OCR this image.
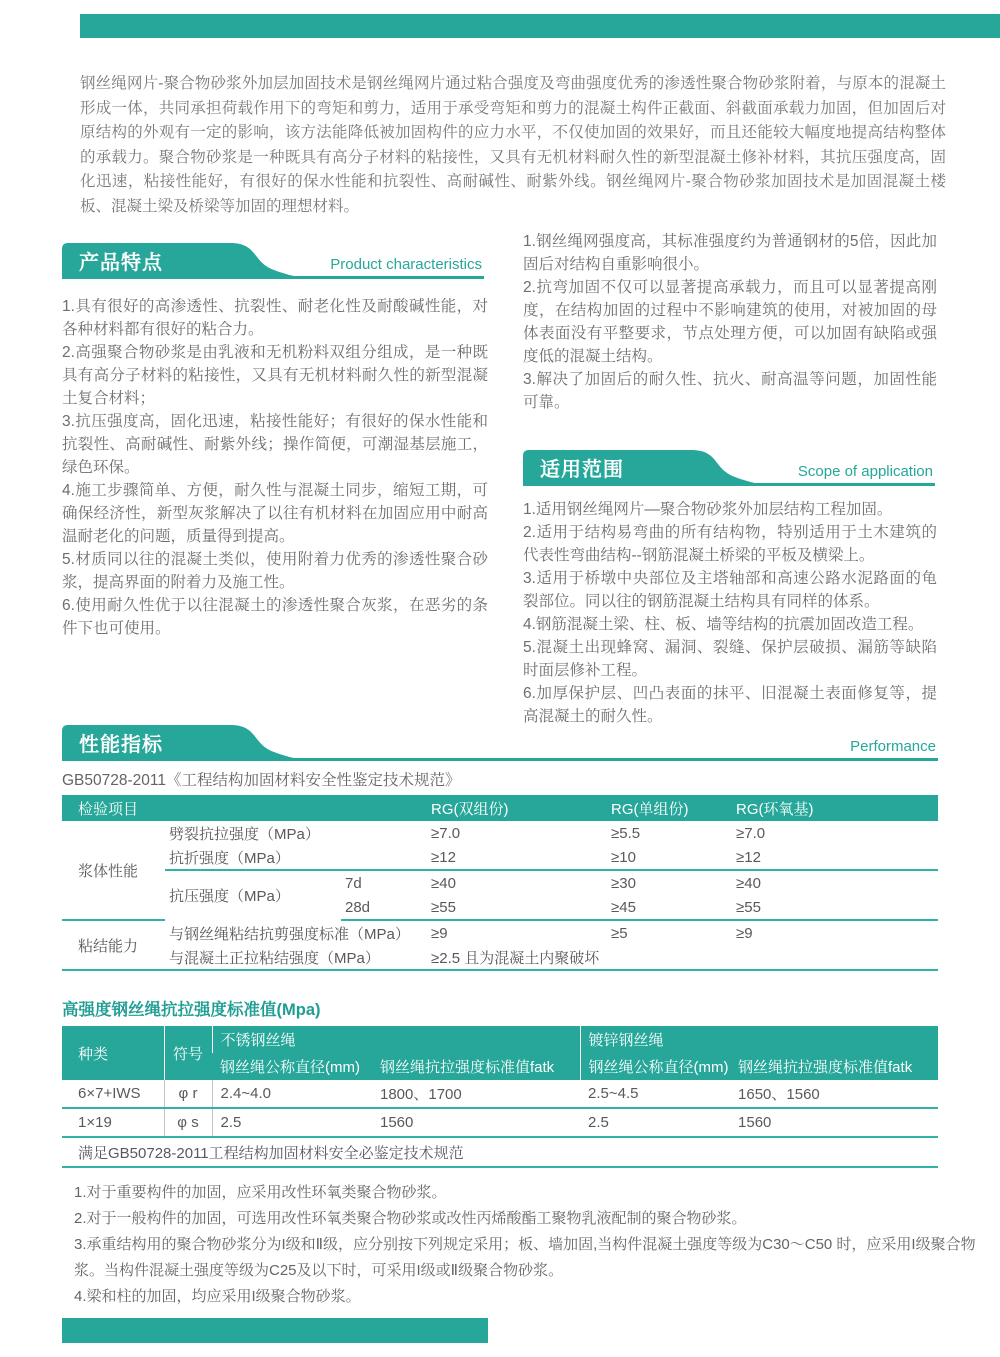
钢丝绳网片-聚合物砂浆外加层加固技术是钢丝绳网片通过粘合强度及弯曲强度优秀的渗透性聚合物砂浆附着，与原本的混凝土形成一体，共同承担荷载作用下的弯矩和剪力，适用于承受弯矩和剪力的混凝土构件正截面、斜截面承载力加固，但加固后对原结构的外观有一定的影响，该方法能降低被加固构件的应力水平，不仅使加固的效果好，而且还能较大幅度地提高结构整体的承载力。聚合物砂浆是一种既具有高分子材料的粘接性，又具有无机材料耐久性的新型混凝土修补材料，其抗压强度高，固化迅速，粘接性能好，有很好的保水性能和抗裂性、高耐碱性、耐紫外线。钢丝绳网片-聚合物砂浆加固技术是加固混凝土楼板、混凝土梁及桥梁等加固的理想材料。

产品特点	Product characteristics

1.具有很好的高渗透性、抗裂性、耐老化性及耐酸碱性能，对各种材料都有很好的粘合力。

2.高强聚合物砂浆是由乳液和无机粉料双组分组成，是一种既具有高分子材料的粘接性，又具有无机材料耐久性的新型混凝土复合材料；

3.抗压强度高，固化迅速，粘接性能好；有很好的保水性能和抗裂性、高耐碱性、耐紫外线；操作简便，可潮湿基层施工，绿色环保。

4.施工步骤简单、方便，耐久性与混凝土同步，缩短工期，可确保经济性，新型灰浆解决了以往有机材料在加固应用中耐高温耐老化的问题，质量得到提高。

5.材质同以往的混凝土类似，使用附着力优秀的渗透性聚合砂浆，提高界面的附着力及施工性。

6.使用耐久性优于以往混凝土的渗透性聚合灰浆，在恶劣的条件下也可使用。

1.钢丝绳网强度高，其标准强度约为普通钢材的5倍，因此加固后对结构自重影响很小。

2.抗弯加固不仅可以显著提高承载力，而且可以显著提高刚度，在结构加固的过程中不影响建筑的使用，对被加固的母体表面没有平整要求，节点处理方便，可以加固有缺陷或强度低的混凝土结构。

3.解决了加固后的耐久性、抗火、耐高温等问题，加固性能可靠。

适用范围	Scope of application

1.适用钢丝绳网片—聚合物砂浆外加层结构工程加固。

2.适用于结构易弯曲的所有结构物，特别适用于土木建筑的代表性弯曲结构--钢筋混凝土桥梁的平板及横梁上。

3.适用于桥墩中央部位及主塔轴部和高速公路水泥路面的龟裂部位。同以往的钢筋混凝土结构具有同样的体系。

4.钢筋混凝土梁、柱、板、墙等结构的抗震加固改造工程。

5.混凝土出现蜂窝、漏洞、裂缝、保护层破损、漏筋等缺陷时面层修补工程。

6.加厚保护层、凹凸表面的抹平、旧混凝土表面修复等，提高混凝土的耐久性。

性能指标	Performance

GB50728-2011《工程结构加固材料安全性鉴定技术规范》

检验项目			RG(双组份)	RG(单组份)	RG(环氧基)
浆体性能	劈裂抗拉强度（MPa）		≥7.0	≥5.5	≥7.0
	抗折强度（MPa）		≥12	≥10	≥12
	抗压强度（MPa）	7d	≥40	≥30	≥40
		28d	≥55	≥45	≥55
粘结能力	与钢丝绳粘结抗剪强度标准（MPa）		≥9	≥5	≥9
	与混凝土正拉粘结强度（MPa）		≥2.5 且为混凝土内聚破坏		

高强度钢丝绳抗拉强度标准值(Mpa)

种类	符号	不锈钢丝绳		镀锌钢丝绳	
		钢丝绳公称直径(mm)	钢丝绳抗拉强度标准值fatk	钢丝绳公称直径(mm)	钢丝绳抗拉强度标准值fatk
6×7+IWS	φ r	2.4~4.0	1800、1700	2.5~4.5	1650、1560
1×19	φ s	2.5	1560	2.5	1560
满足GB50728-2011工程结构加固材料安全必鉴定技术规范					

1.对于重要构件的加固，应采用改性环氧类聚合物砂浆。

2.对于一般构件的加固，可选用改性环氧类聚合物砂浆或改性丙烯酸酯工聚物乳液配制的聚合物砂浆。

3.承重结构用的聚合物砂浆分为I级和Ⅱ级，应分别按下列规定采用；板、墙加固,当构件混凝土强度等级为C30～C50 时，应采用I级聚合物浆。当构件混凝土强度等级为C25及以下时，可采用I级或Ⅱ级聚合物砂浆。

4.梁和柱的加固，均应采用I级聚合物砂浆。
